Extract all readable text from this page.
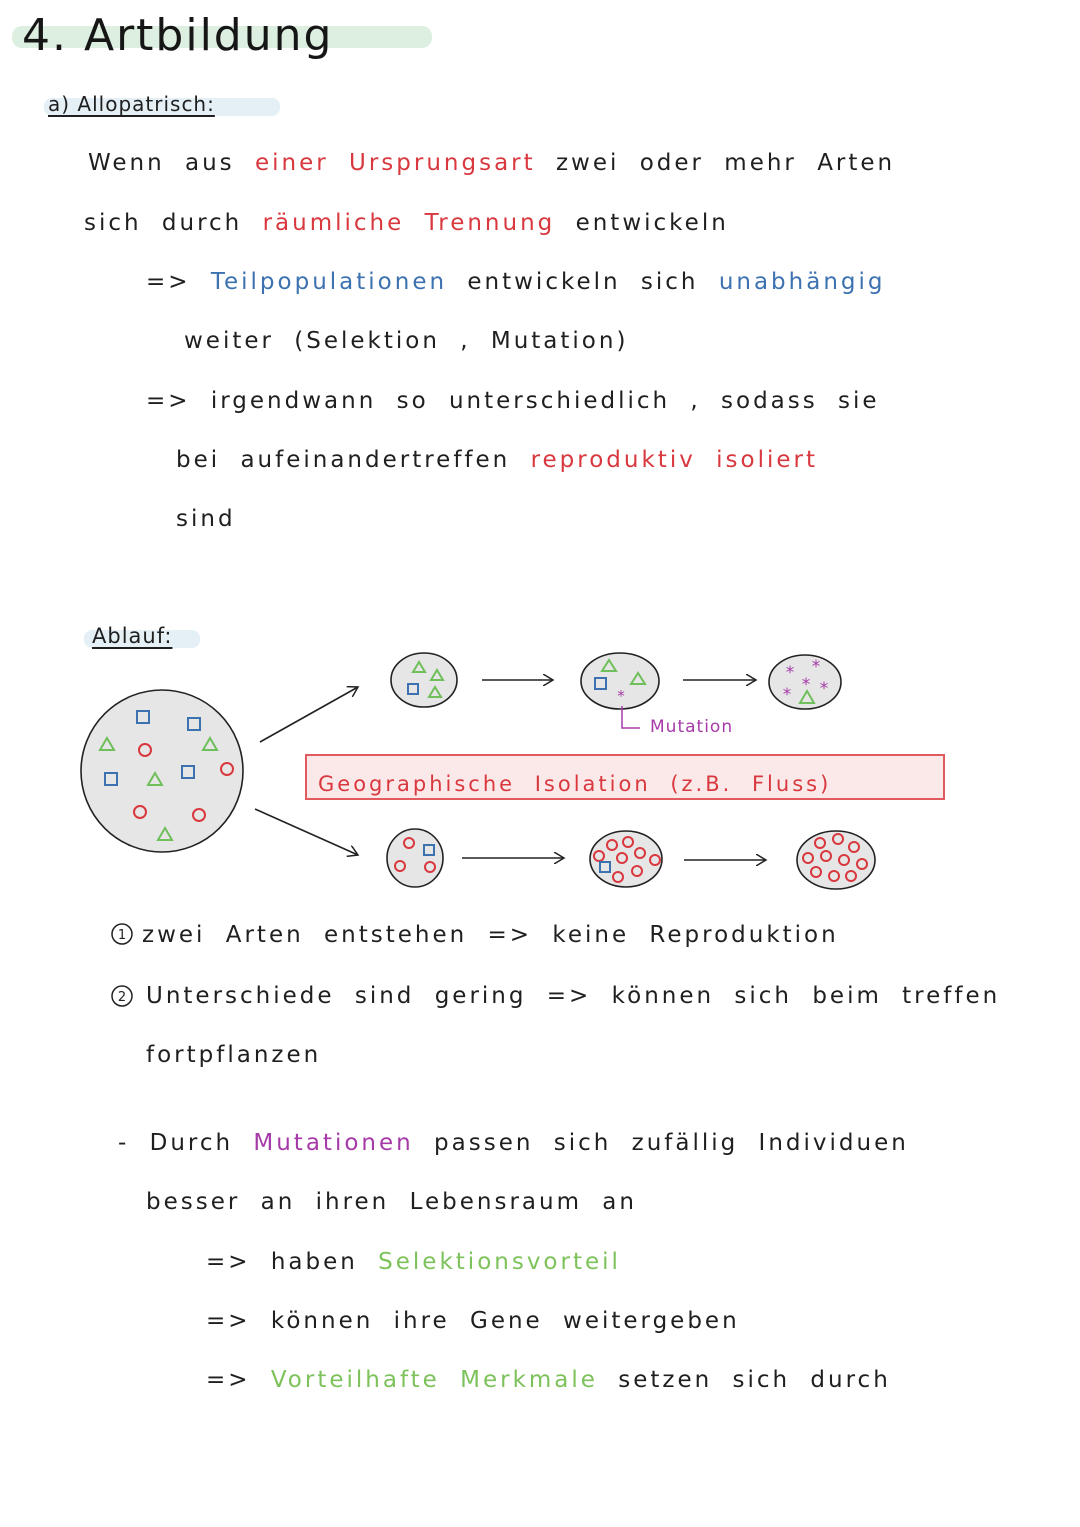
4. Artbildung
a) Allopatrisch:
Wenn aus einer Ursprungsart zwei oder mehr Arten
sich durch räumliche Trennung entwickeln
=> Teilpopulationen entwickeln sich unabhängig
weiter (Selektion , Mutation)
=> irgendwann so unterschiedlich , sodass sie
bei aufeinandertreffen reproduktiv isoliert
sind
Ablauf:
Geographische Isolation (z.B. Fluss)
Mutation
*
* *
* *
*
1
2
zwei Arten entstehen => keine Reproduktion
Unterschiede sind gering => können sich beim treffen
fortpflanzen
- Durch Mutationen passen sich zufällig Individuen
besser an ihren Lebensraum an
=> haben Selektionsvorteil
=> können ihre Gene weitergeben
=> Vorteilhafte Merkmale setzen sich durch
